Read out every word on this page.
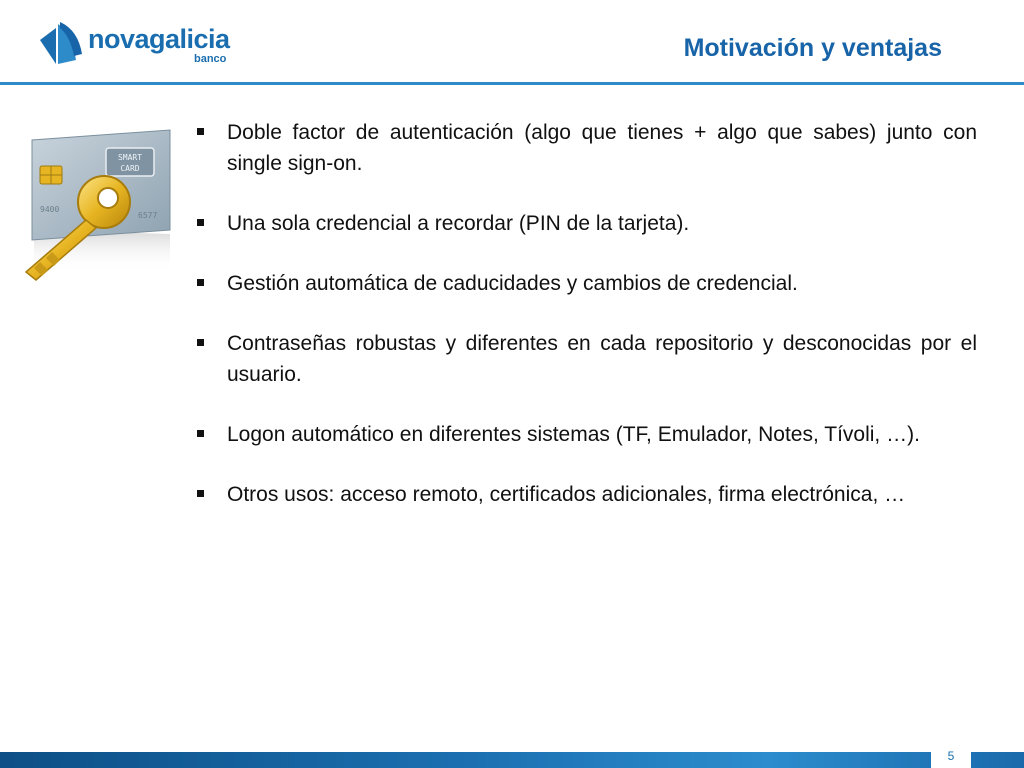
novagalicia
banco	Motivación y ventajas
SMART
CARD
9400
6577
Doble factor de autenticación (algo que tienes + algo que sabes) junto con single sign-on.
Una sola credencial a recordar (PIN de la tarjeta).
Gestión automática de caducidades y cambios de credencial.
Contraseñas robustas y diferentes en cada repositorio y desconocidas por el usuario.
Logon automático en diferentes sistemas (TF, Emulador, Notes, Tívoli, …).
Otros usos: acceso remoto, certificados adicionales, firma electrónica, …
5
